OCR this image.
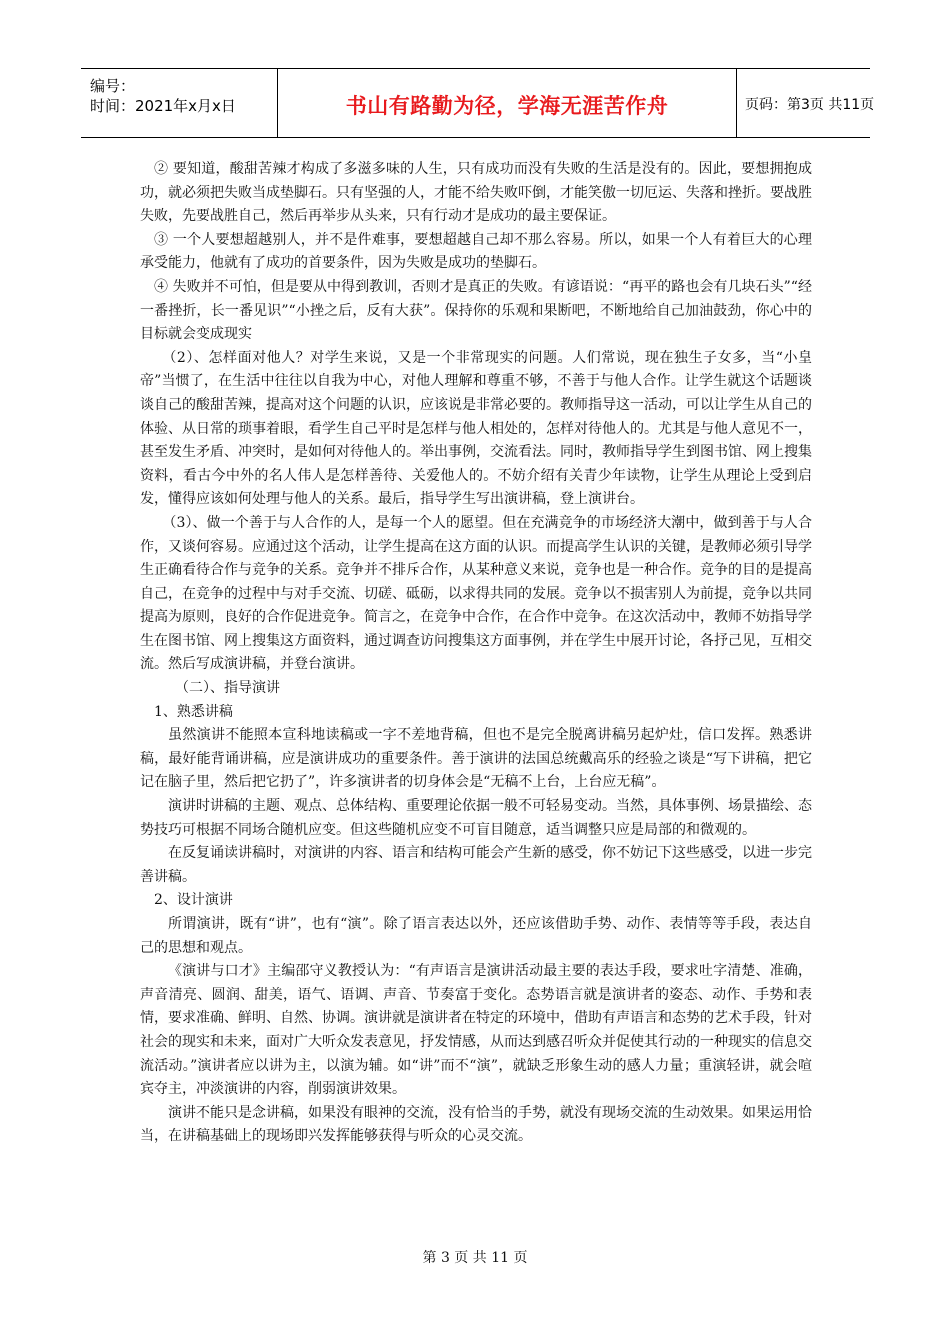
编号：
时间：2021年x月x日	书山有路勤为径，学海无涯苦作舟	页码：第3页 共11页

② 要知道，酸甜苦辣才构成了多滋多味的人生，只有成功而没有失败的生活是没有的。因此，要想拥抱成功，就必须把失败当成垫脚石。只有坚强的人，才能不给失败吓倒，才能笑傲一切厄运、失落和挫折。要战胜失败，先要战胜自己，然后再举步从头来，只有行动才是成功的最主要保证。

③ 一个人要想超越别人，并不是件难事，要想超越自己却不那么容易。所以，如果一个人有着巨大的心理承受能力，他就有了成功的首要条件，因为失败是成功的垫脚石。

④ 失败并不可怕，但是要从中得到教训，否则才是真正的失败。有谚语说：“再平的路也会有几块石头”“经一番挫折，长一番见识”“小挫之后，反有大获”。保持你的乐观和果断吧，不断地给自己加油鼓劲，你心中的目标就会变成现实

（2）、怎样面对他人？对学生来说，又是一个非常现实的问题。人们常说，现在独生子女多，当“小皇帝”当惯了，在生活中往往以自我为中心，对他人理解和尊重不够，不善于与他人合作。让学生就这个话题谈谈自己的酸甜苦辣，提高对这个问题的认识，应该说是非常必要的。教师指导这一活动，可以让学生从自己的体验、从日常的琐事着眼，看学生自己平时是怎样与他人相处的，怎样对待他人的。尤其是与他人意见不一，甚至发生矛盾、冲突时，是如何对待他人的。举出事例，交流看法。同时，教师指导学生到图书馆、网上搜集资料，看古今中外的名人伟人是怎样善待、关爱他人的。不妨介绍有关青少年读物，让学生从理论上受到启发，懂得应该如何处理与他人的关系。最后，指导学生写出演讲稿，登上演讲台。

（3）、做一个善于与人合作的人，是每一个人的愿望。但在充满竞争的市场经济大潮中，做到善于与人合作，又谈何容易。应通过这个活动，让学生提高在这方面的认识。而提高学生认识的关键，是教师必须引导学生正确看待合作与竞争的关系。竞争并不排斥合作，从某种意义来说，竞争也是一种合作。竞争的目的是提高自己，在竞争的过程中与对手交流、切磋、砥砺，以求得共同的发展。竞争以不损害别人为前提，竞争以共同提高为原则，良好的合作促进竞争。简言之，在竞争中合作，在合作中竞争。在这次活动中，教师不妨指导学生在图书馆、网上搜集这方面资料，通过调查访问搜集这方面事例，并在学生中展开讨论，各抒己见，互相交流。然后写成演讲稿，并登台演讲。

（二）、指导演讲

1、熟悉讲稿

虽然演讲不能照本宣科地读稿或一字不差地背稿，但也不是完全脱离讲稿另起炉灶，信口发挥。熟悉讲稿，最好能背诵讲稿，应是演讲成功的重要条件。善于演讲的法国总统戴高乐的经验之谈是“写下讲稿，把它记在脑子里，然后把它扔了”，许多演讲者的切身体会是“无稿不上台，上台应无稿”。

演讲时讲稿的主题、观点、总体结构、重要理论依据一般不可轻易变动。当然，具体事例、场景描绘、态势技巧可根据不同场合随机应变。但这些随机应变不可盲目随意，适当调整只应是局部的和微观的。

在反复诵读讲稿时，对演讲的内容、语言和结构可能会产生新的感受，你不妨记下这些感受，以进一步完善讲稿。

2、设计演讲

所谓演讲，既有“讲”，也有“演”。除了语言表达以外，还应该借助手势、动作、表情等等手段，表达自己的思想和观点。

《演讲与口才》主编邵守义教授认为：“有声语言是演讲活动最主要的表达手段，要求吐字清楚、准确，声音清亮、圆润、甜美，语气、语调、声音、节奏富于变化。态势语言就是演讲者的姿态、动作、手势和表情，要求准确、鲜明、自然、协调。演讲就是演讲者在特定的环境中，借助有声语言和态势的艺术手段，针对社会的现实和未来，面对广大听众发表意见，抒发情感，从而达到感召听众并促使其行动的一种现实的信息交流活动。”演讲者应以讲为主，以演为辅。如“讲”而不“演”，就缺乏形象生动的感人力量；重演轻讲，就会喧宾夺主，冲淡演讲的内容，削弱演讲效果。

演讲不能只是念讲稿，如果没有眼神的交流，没有恰当的手势，就没有现场交流的生动效果。如果运用恰当，在讲稿基础上的现场即兴发挥能够获得与听众的心灵交流。

第 3 页 共 11 页
